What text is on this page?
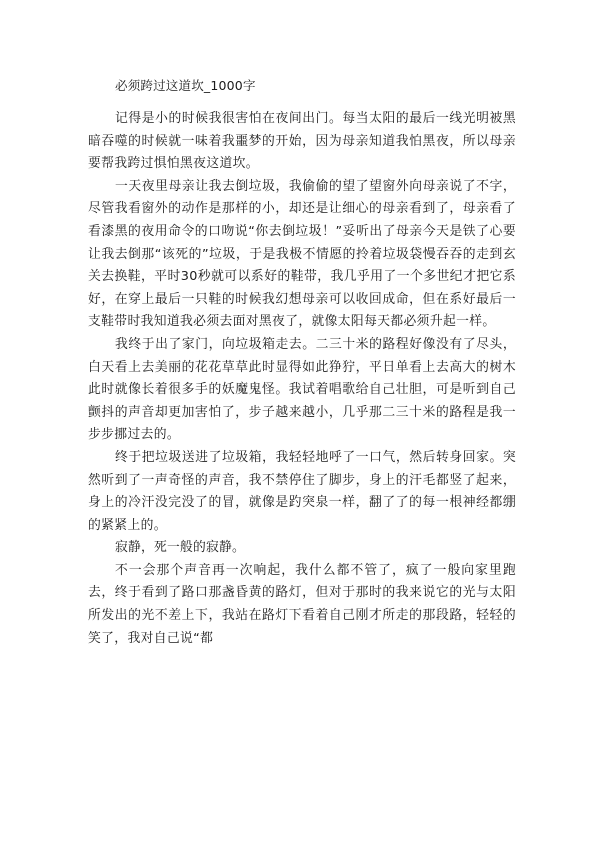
必须跨过这道坎_1000字

记得是小的时候我很害怕在夜间出门。每当太阳的最后一线光明被黑暗吞噬的时候就一味着我噩梦的开始，因为母亲知道我怕黑夜，所以母亲要帮我跨过惧怕黑夜这道坎。

一天夜里母亲让我去倒垃圾，我偷偷的望了望窗外向母亲说了不字，尽管我看窗外的动作是那样的小，却还是让细心的母亲看到了，母亲看了看漆黑的夜用命令的口吻说“你去倒垃圾！”妥听出了母亲今天是铁了心要让我去倒那“该死的”垃圾，于是我极不情愿的拎着垃圾袋慢吞吞的走到玄关去换鞋，平时30秒就可以系好的鞋带，我几乎用了一个多世纪才把它系好，在穿上最后一只鞋的时候我幻想母亲可以收回成命，但在系好最后一支鞋带时我知道我必须去面对黑夜了，就像太阳每天都必须升起一样。

我终于出了家门，向垃圾箱走去。二三十米的路程好像没有了尽头，白天看上去美丽的花花草草此时显得如此狰狞，平日单看上去高大的树木此时就像长着很多手的妖魔鬼怪。我试着唱歌给自己壮胆，可是听到自己颤抖的声音却更加害怕了，步子越来越小，几乎那二三十米的路程是我一步步挪过去的。

终于把垃圾送进了垃圾箱，我轻轻地呼了一口气，然后转身回家。突然听到了一声奇怪的声音，我不禁停住了脚步，身上的汗毛都竖了起来，身上的冷汗没完没了的冒，就像是趵突泉一样，翻了了的每一根神经都绷的紧紧上的。

寂静，死一般的寂静。

不一会那个声音再一次响起，我什么都不管了，疯了一般向家里跑去，终于看到了路口那盏昏黄的路灯，但对于那时的我来说它的光与太阳所发出的光不差上下，我站在路灯下看着自己刚才所走的那段路，轻轻的笑了，我对自己说“都
